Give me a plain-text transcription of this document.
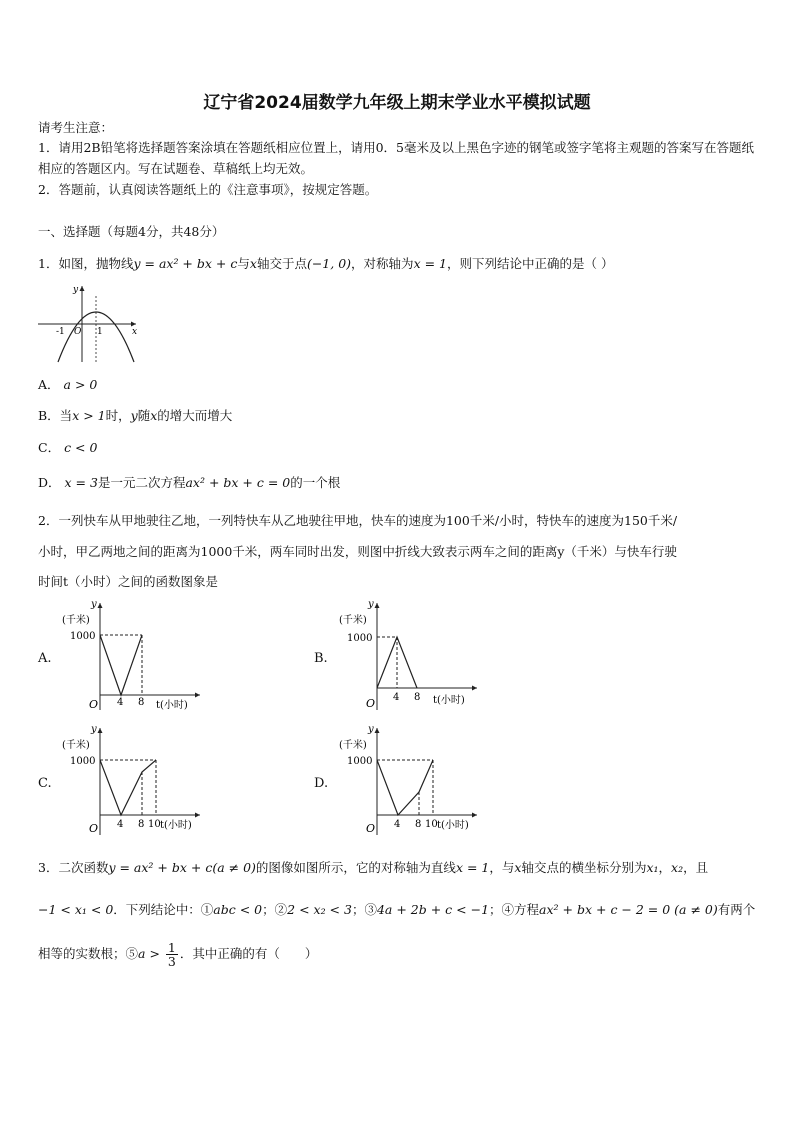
辽宁省2024届数学九年级上期末学业水平模拟试题
请考生注意：
1．请用2B铅笔将选择题答案涂填在答题纸相应位置上，请用0．5毫米及以上黑色字迹的钢笔或签字笔将主观题的答案写在答题纸相应的答题区内。写在试题卷、草稿纸上均无效。
2．答题前，认真阅读答题纸上的《注意事项》，按规定答题。
一、选择题（每题4分，共48分）
1．如图，抛物线y = ax² + bx + c与x轴交于点(−1, 0)，对称轴为x = 1，则下列结论中正确的是（ ）
y
x
-1 O 1
A． a > 0
B．当x > 1时，y随x的增大而增大
C． c < 0
D． x = 3是一元二次方程ax² + bx + c = 0的一个根
2．一列快车从甲地驶往乙地，一列特快车从乙地驶往甲地，快车的速度为100千米/小时，特快车的速度为150千米/
小时，甲乙两地之间的距离为1000千米，两车同时出发，则图中折线大致表示两车之间的距离y（千米）与快车行驶
时间t（小时）之间的函数图象是
A.
y
(千米)
1000
O 4 8 t(小时)
B.
y
(千米)
1000
O 4 8 t(小时)
C.
y
(千米)
1000
O 4 8 10 t(小时)
D.
y
(千米)
1000
O 4 8 10 t(小时)
3．二次函数y = ax² + bx + c(a ≠ 0)的图像如图所示，它的对称轴为直线x = 1，与x轴交点的横坐标分别为x₁，x₂，且
−1 < x₁ < 0．下列结论中：①abc < 0；②2 < x₂ < 3；③4a + 2b + c < −1；④方程ax² + bx + c − 2 = 0 (a ≠ 0)有两个
相等的实数根；⑤a > $\frac{1}{3}$ ．其中正确的有（　　）
